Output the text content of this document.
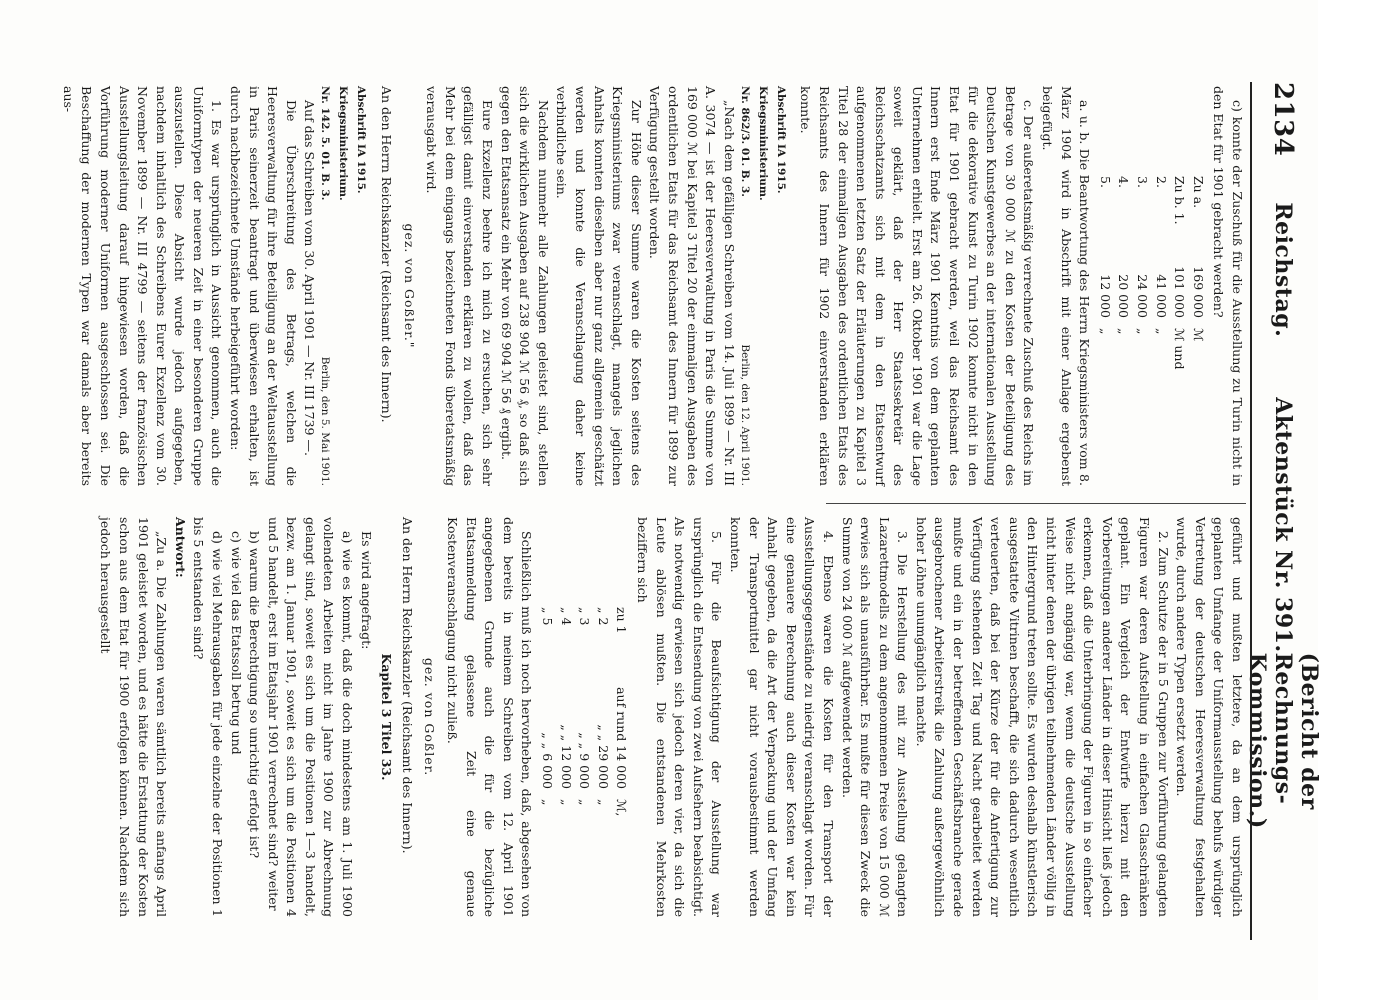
2134
Reichstag.
Aktenstück Nr. 391.
(Bericht der Rechnungs-Kommission.)

c) konnte der Zuschuß für die Ausstellung zu Turin nicht in den Etat für 1901 gebracht werden?

Zu a.
169 000
ℳ
Zu b. 1.
101 000
ℳ und
2.
41 000
„
3.
24 000
„
4.
20 000
„
5.
12 000
„

a. u. b. Die Beantwortung des Herrn Kriegsministers vom 8. März 1904 wird in Abschrift mit einer Anlage ergebenst beigefügt.

c. Der außeretatsmäßig verrechnete Zuschuß des Reichs im Betrage von 30 000 ℳ zu den Kosten der Beteiligung des Deutschen Kunstgewerbes an der internationalen Ausstellung für die dekorative Kunst zu Turin 1902 konnte nicht in den Etat für 1901 gebracht werden, weil das Reichsamt des Innern erst Ende März 1901 Kenntnis von dem geplanten Unternehmen erhielt. Erst am 26. Oktober 1901 war die Lage soweit geklärt, daß der Herr Staatssekretär des Reichsschatzamts sich mit dem in den Etatsentwurf aufgenommenen letzten Satz der Erläuterungen zu Kapitel 3 Titel 28 der einmaligen Ausgaben des ordentlichen Etats des Reichsamts des Innern für 1902 einverstanden erklären konnte.

Abschrift IA 1915.
Kriegsministerium.
Nr. 862/3. 01. B. 3.
Berlin, den 12. April 1901.

„Nach dem gefälligen Schreiben vom 14. Juli 1899 — Nr. III A. 3074 — ist der Heeresverwaltung in Paris die Summe von 169 000 ℳ bei Kapitel 3 Titel 20 der einmaligen Ausgaben des ordentlichen Etats für das Reichsamt des Innern für 1899 zur Verfügung gestellt worden.

Zur Höhe dieser Summe waren die Kosten seitens des Kriegsministeriums zwar veranschlagt, mangels jeglichen Anhalts konnten dieselben aber nur ganz allgemein geschätzt werden und konnte die Veranschlagung daher keine verbindliche sein.

Nachdem nunmehr alle Zahlungen geleistet sind, stellen sich die wirklichen Ausgaben auf 238 904 ℳ 56 ₰, so daß sich gegen den Etatsansatz ein Mehr von 69 904 ℳ 56 ₰ ergibt.

Eure Exzellenz beehre ich mich zu ersuchen, sich sehr gefälligst damit einverstanden erklären zu wollen, daß das Mehr bei dem eingangs bezeichneten Fonds überetatsmäßig verausgabt wird.

gez. von Goßler."

An den Herrn Reichskanzler (Reichsamt des Innern).

Abschrift IA 1915.
Kriegsministerium.
Nr. 142. 5. 01. B. 3.
Berlin, den 5. Mai 1901.

Auf das Schreiben vom 30. April 1901 — Nr. III 1739 —.

Die Überschreitung des Betrags, welchen die Heeresverwaltung für ihre Beteiligung an der Weltausstellung in Paris seinerzeit beantragt und überwiesen erhalten, ist durch nachbezeichnete Umstände herbeigeführt worden:

1. Es war ursprünglich in Aussicht genommen, auch die Uniformtypen der neueren Zeit in einer besonderen Gruppe auszustellen. Diese Absicht wurde jedoch aufgegeben, nachdem inhaltlich des Schreibens Eurer Exzellenz vom 30. November 1899 — Nr. III 4799 — seitens der französischen Ausstellungsleitung darauf hingewiesen worden, daß die Vorführung moderner Uniformen ausgeschlossen sei. Die Beschaffung der modernen Typen war damals aber bereits aus-

geführt und mußten letztere, da an dem ursprünglich geplanten Umfange der Uniformausstellung behufs würdiger Vertretung der deutschen Heeresverwaltung festgehalten wurde, durch andere Typen ersetzt werden.

2. Zum Schutze der in 5 Gruppen zur Vorführung gelangten Figuren war deren Aufstellung in einfachen Glasschränken geplant. Ein Vergleich der Entwürfe hierzu mit den Vorbereitungen anderer Länder in dieser Hinsicht ließ jedoch erkennen, daß die Unterbringung der Figuren in so einfacher Weise nicht angängig war, wenn die deutsche Ausstellung nicht hinter denen der übrigen teilnehmenden Länder völlig in den Hintergrund treten sollte. Es wurden deshalb künstlerisch ausgestattete Vitrinen beschafft, die sich dadurch wesentlich verteuerten, daß bei der Kürze der für die Anfertigung zur Verfügung stehenden Zeit Tag und Nacht gearbeitet werden mußte und ein in der betreffenden Geschäftsbranche gerade ausgebrochener Arbeiterstreik die Zahlung außergewöhnlich hoher Löhne unumgänglich machte.

3. Die Herstellung des mit zur Ausstellung gelangten Lazarettmodells zu dem angenommenen Preise von 15 000 ℳ erwies sich als unausführbar. Es mußte für diesen Zweck die Summe von 24 000 ℳ aufgewendet werden.

4. Ebenso waren die Kosten für den Transport der Ausstellungsgegenstände zu niedrig veranschlagt worden. Für eine genauere Berechnung auch dieser Kosten war kein Anhalt gegeben, da die Art der Verpackung und der Umfang der Transportmittel gar nicht vorausbestimmt werden konnten.

5. Für die Beaufsichtigung der Ausstellung war ursprünglich die Entsendung von zwei Aufsehern beabsichtigt. Als notwendig erwiesen sich jedoch deren vier, da sich die Leute ablösen mußten. Die entstandenen Mehrkosten beziffern sich

zu 1
auf rund 14 000
ℳ,
„ 2
„ „ 29 000
„
„ 3
„ „ 9 000
„
„ 4
„ „ 12 000
„
„ 5
„ „ 6 000
„

Schließlich muß ich noch hervorheben, daß, abgesehen von dem bereits in meinem Schreiben vom 12. April 1901 angegebenen Grunde auch die für die bezügliche Etatsanmeldung gelassene Zeit eine genaue Kostenveranschlagung nicht zuließ.

gez. von Goßler.

An den Herrn Reichskanzler (Reichsamt des Innern).

Kapitel 3 Titel 33.

Es wird angefragt:

a) wie es kommt, daß die doch mindestens am 1. Juli 1900 vollendeten Arbeiten nicht im Jahre 1900 zur Abrechnung gelangt sind, soweit es sich um die Positionen 1—3 handelt, bezw. am 1. Januar 1901, soweit es sich um die Positionen 4 und 5 handelt, erst im Etatsjahr 1901 verrechnet sind? weiter

b) warum die Berechtigung so unrichtig erfolgt ist?

c) wie viel das Etatssoll betrug und

d) wie viel Mehrausgaben für jede einzelne der Positionen 1 bis 5 entstanden sind?

Antwort:

„Zu a. Die Zahlungen waren sämtlich bereits anfangs April 1901 geleistet worden, und es hätte die Erstattung der Kosten schon aus dem Etat für 1900 erfolgen können. Nachdem sich jedoch herausgestellt
